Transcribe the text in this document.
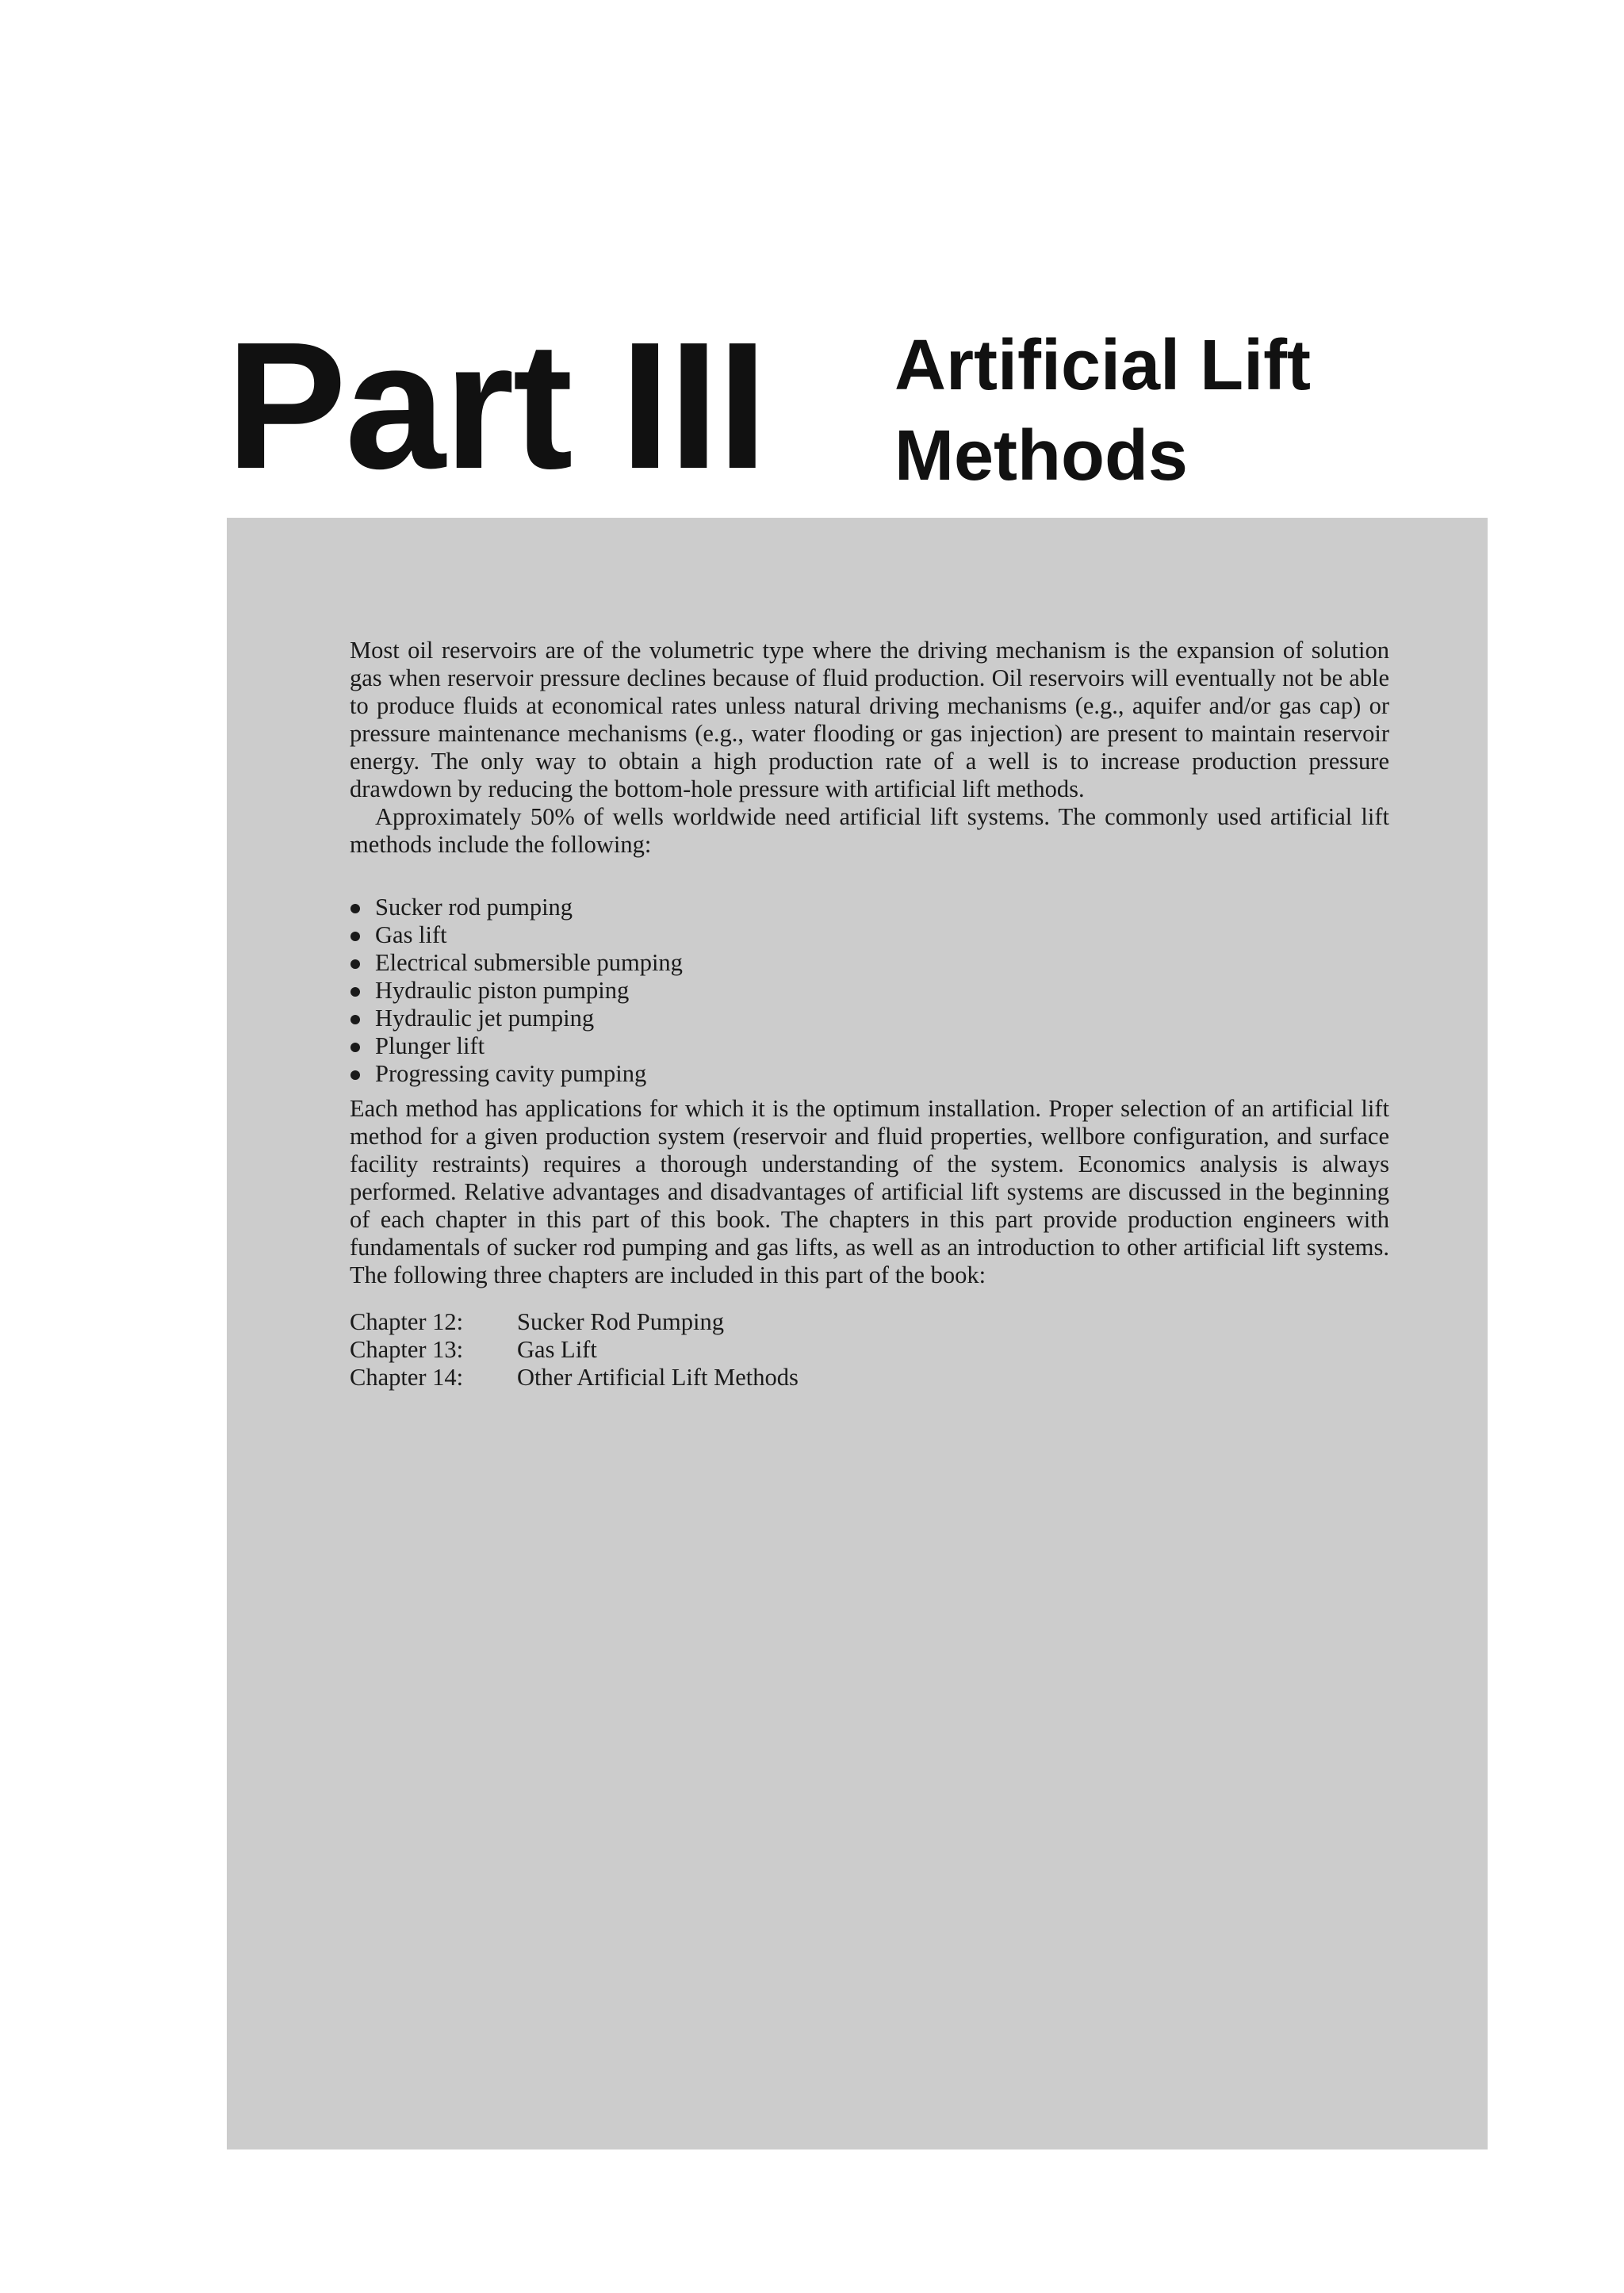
Part III Artificial Lift
Methods

Most oil reservoirs are of the volumetric type where the driving mechanism is the expansion of solution gas when reservoir pressure declines because of fluid production. Oil reservoirs will eventually not be able to produce fluids at economical rates unless natural driving mechanisms (e.g., aquifer and/or gas cap) or pressure maintenance mechanisms (e.g., water flooding or gas injection) are present to maintain reservoir energy. The only way to obtain a high production rate of a well is to increase production pressure drawdown by reducing the bottom-hole pressure with artificial lift methods.

Approximately 50% of wells worldwide need artificial lift systems. The commonly used artificial lift methods include the following:

Sucker rod pumping
Gas lift
Electrical submersible pumping
Hydraulic piston pumping
Hydraulic jet pumping
Plunger lift
Progressing cavity pumping

Each method has applications for which it is the optimum installation. Proper selection of an artificial lift method for a given production system (reservoir and fluid properties, wellbore configuration, and surface facility restraints) requires a thorough understanding of the system. Economics analysis is always performed. Relative advantages and disadvantages of artificial lift systems are discussed in the beginning of each chapter in this part of this book. The chapters in this part provide production engineers with fundamentals of sucker rod pumping and gas lifts, as well as an introduction to other artificial lift systems. The following three chapters are included in this part of the book:

Chapter 12:	Sucker Rod Pumping
Chapter 13:	Gas Lift
Chapter 14:	Other Artificial Lift Methods
